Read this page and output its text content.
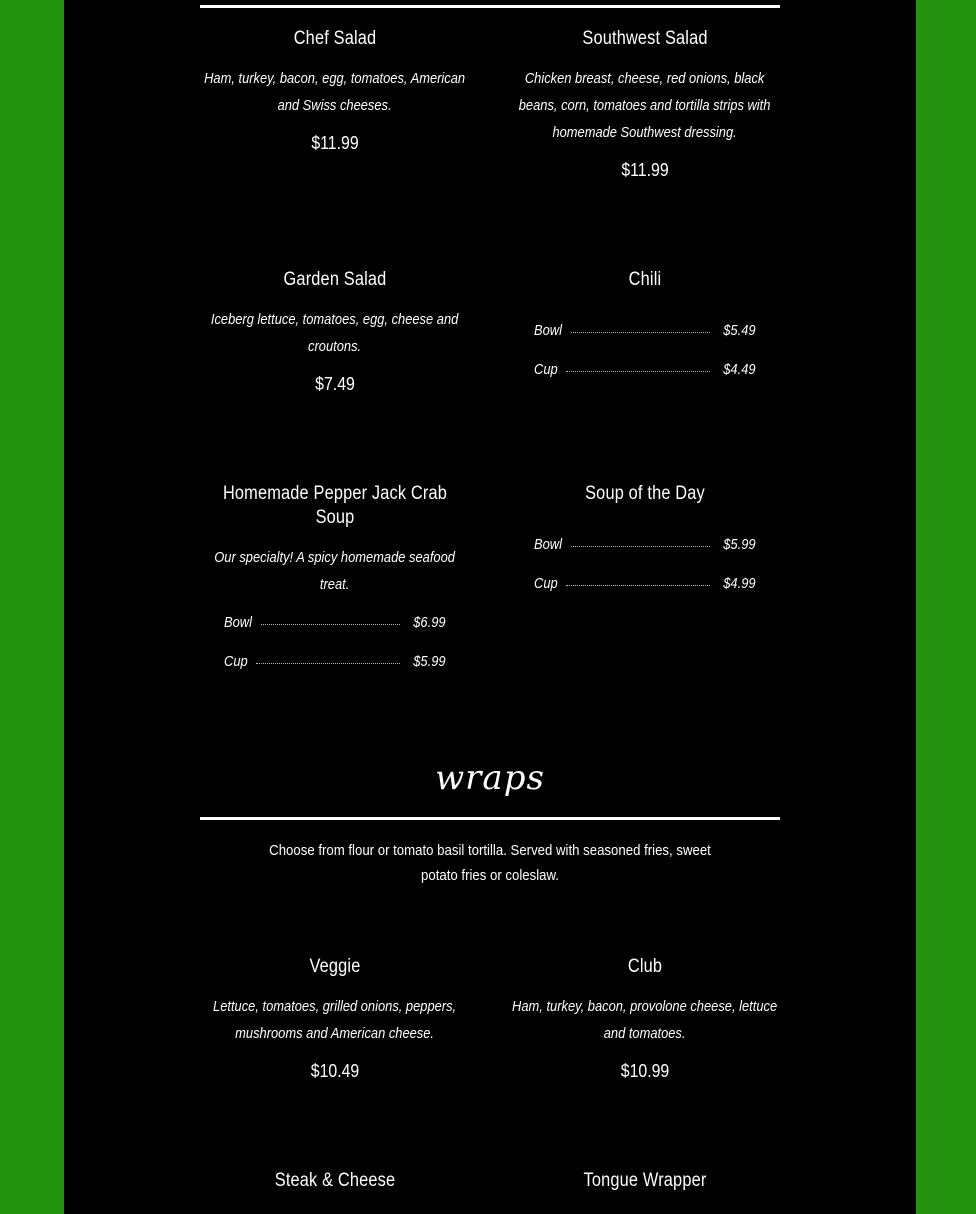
Chef Salad
Ham, turkey, bacon, egg, tomatoes, American and Swiss cheeses.
$11.99
Southwest Salad
Chicken breast, cheese, red onions, black beans, corn, tomatoes and tortilla strips with homemade Southwest dressing.
$11.99
Garden Salad
Iceberg lettuce, tomatoes, egg, cheese and croutons.
$7.49
Chili
Bowl	$5.49
Cup	$4.49
Homemade Pepper Jack Crab Soup
Our specialty! A spicy homemade seafood treat.
Bowl	$6.99
Cup	$5.99
Soup of the Day
Bowl	$5.99
Cup	$4.99
wraps
Choose from flour or tomato basil tortilla. Served with seasoned fries, sweet potato fries or coleslaw.
Veggie
Lettuce, tomatoes, grilled onions, peppers, mushrooms and American cheese.
$10.49
Club
Ham, turkey, bacon, provolone cheese, lettuce and tomatoes.
$10.99
Steak & Cheese	Tongue Wrapper
